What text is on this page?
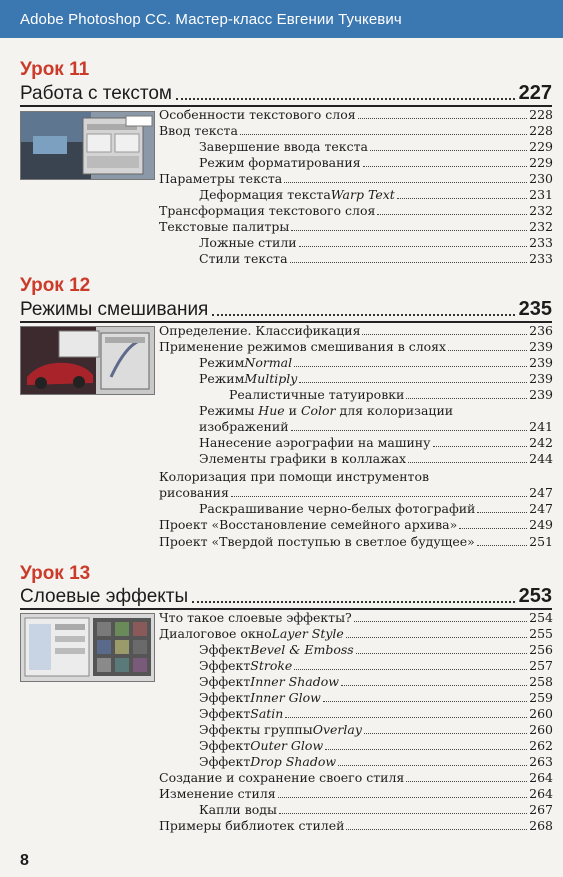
Adobe Photoshop CC. Мастер-класс Евгении Тучкевич
Урок 11
Работа с текстом	227
Особенности текстового слоя	228
Ввод текста	228
Завершение ввода текста	229
Режим форматирования	229
Параметры текста	230
Деформация текста Warp Text	231
Трансформация текстового слоя	232
Текстовые палитры	232
Ложные стили	233
Стили текста	233
Урок 12
Режимы смешивания	235
Определение. Классификация	236
Применение режимов смешивания в слоях	239
Режим Normal	239
Режим Multiply	239
Реалистичные татуировки	239
Режимы Hue и Color для колоризации
изображений	241
Нанесение аэрографии на машину	242
Элементы графики в коллажах	244
Колоризация при помощи инструментов
рисования	247
Раскрашивание черно-белых фотографий	247
Проект «Восстановление семейного архива»	249
Проект «Твердой поступью в светлое будущее»	251
Урок 13
Слоевые эффекты	253
Что такое слоевые эффекты?	254
Диалоговое окно Layer Style	255
Эффект Bevel & Emboss	256
Эффект Stroke	257
Эффект Inner Shadow	258
Эффект Inner Glow	259
Эффект Satin	260
Эффекты группы Overlay	260
Эффект Outer Glow	262
Эффект Drop Shadow	263
Создание и сохранение своего стиля	264
Изменение стиля	264
Капли воды	267
Примеры библиотек стилей	268
8
